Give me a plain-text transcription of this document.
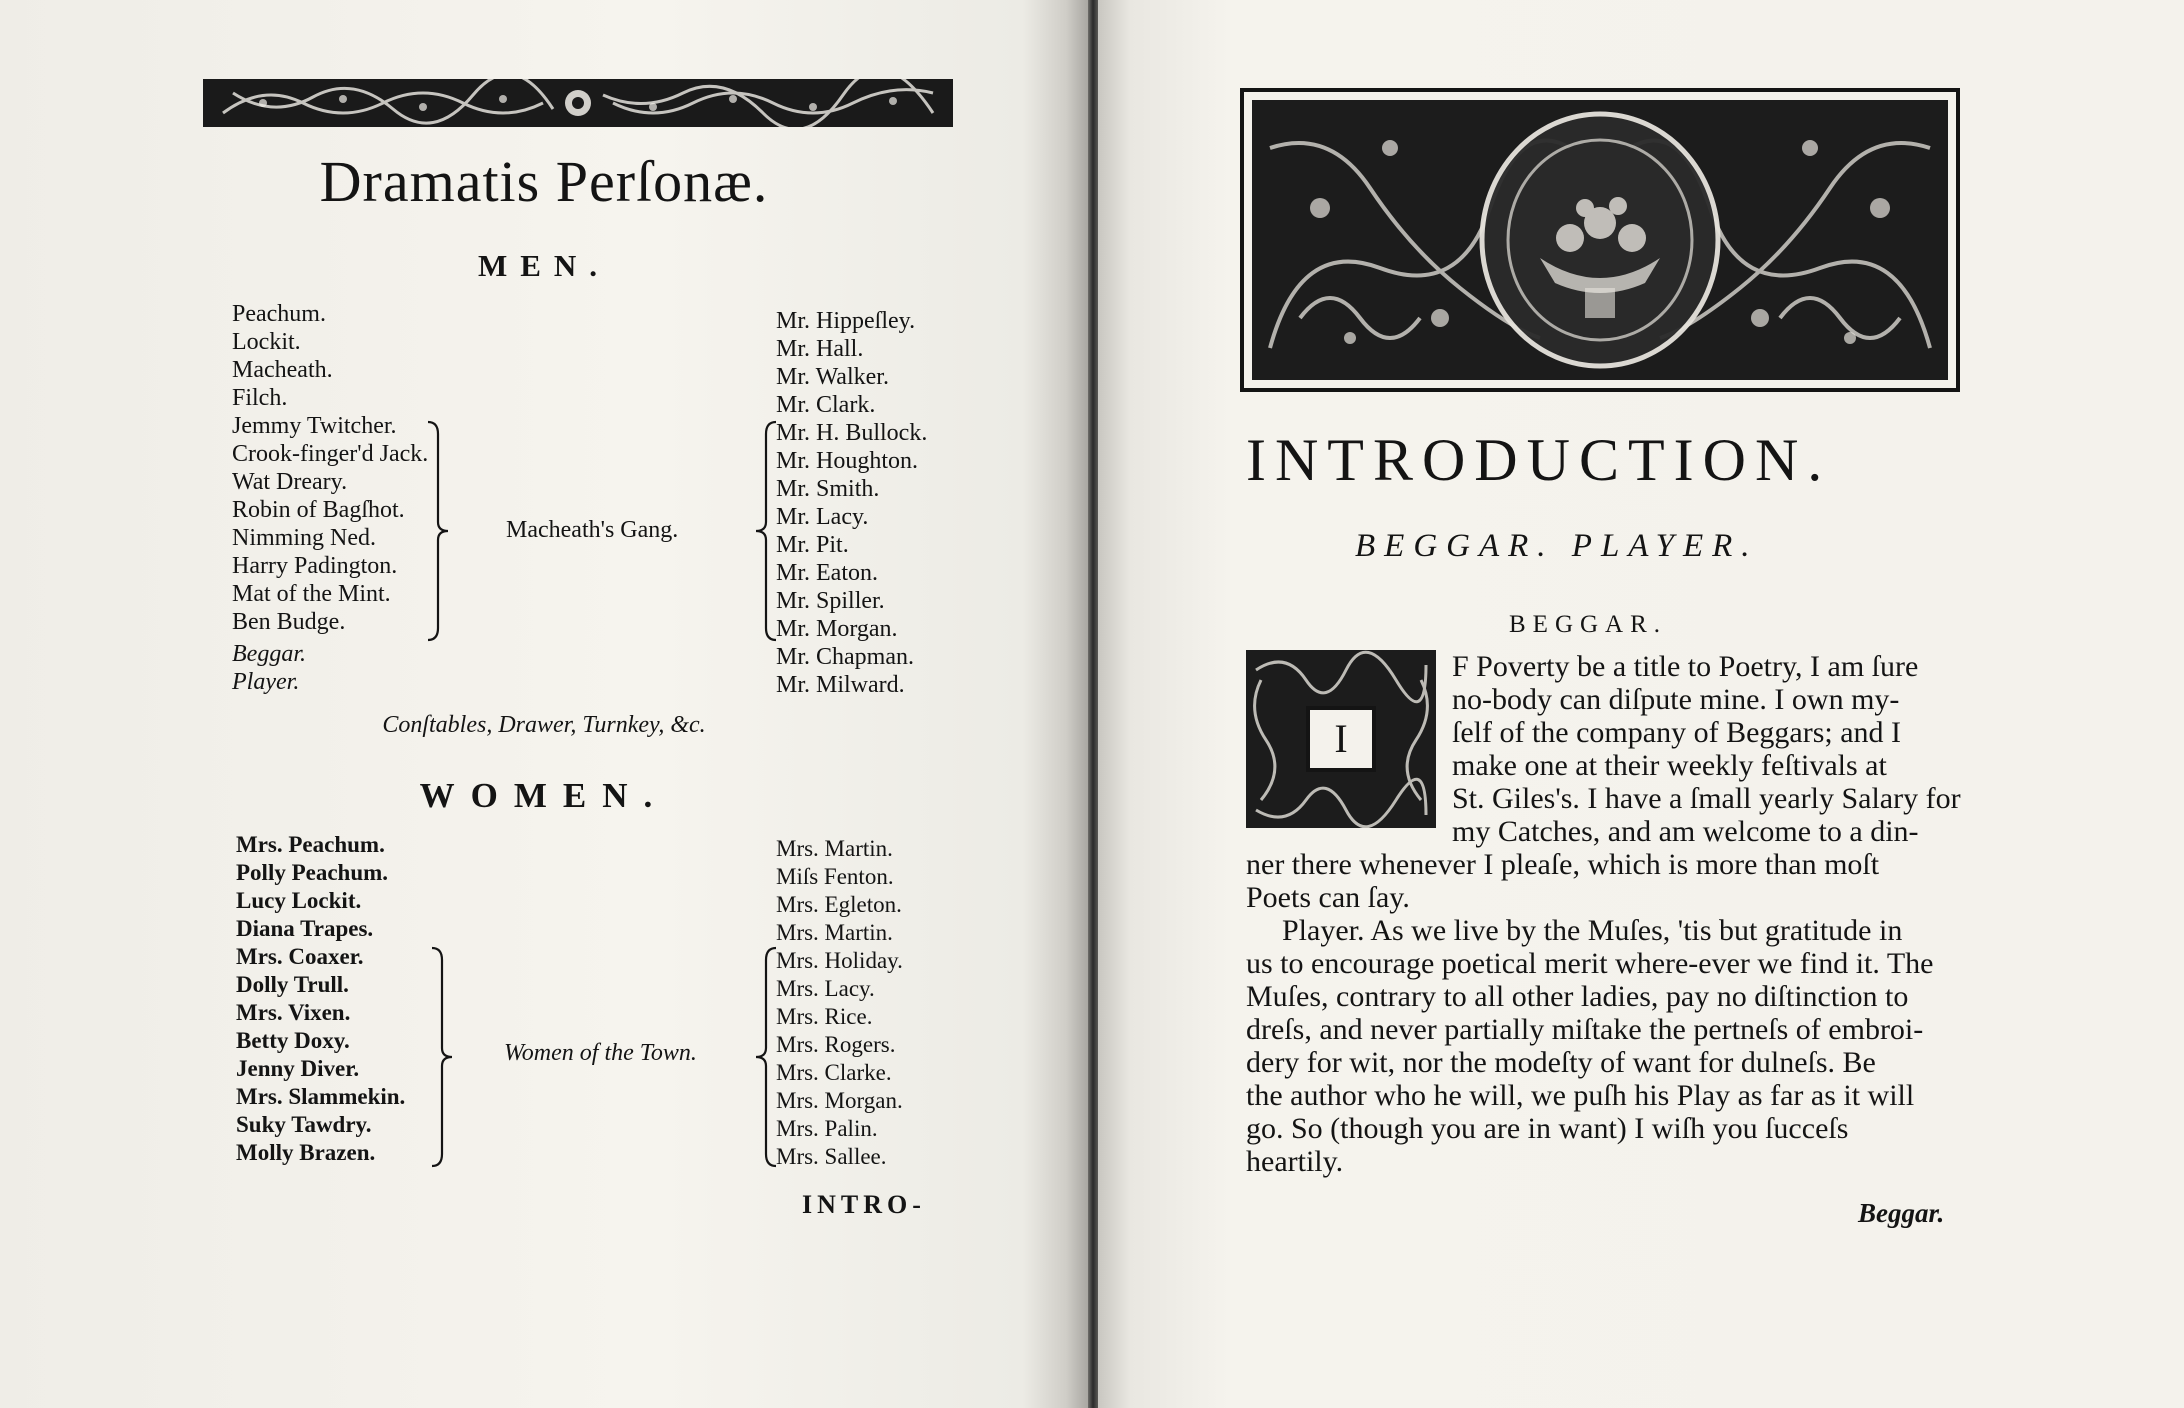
Dramatis Perſonæ.
MEN.
Peachum.
Lockit.
Macheath.
Filch.
Jemmy Twitcher.
Crook-finger'd Jack.
Wat Dreary.
Robin of Bagſhot.
Nimming Ned.
Harry Padington.
Mat of the Mint.
Ben Budge.
Beggar.
Player.
Mr. Hippeſley.
Mr. Hall.
Mr. Walker.
Mr. Clark.
Mr. H. Bullock.
Mr. Houghton.
Mr. Smith.
Mr. Lacy.
Mr. Pit.
Mr. Eaton.
Mr. Spiller.
Mr. Morgan.
Mr. Chapman.
Mr. Milward.
Macheath's Gang.
Conſtables, Drawer, Turnkey, &c.
WOMEN.
Mrs. Peachum.
Polly Peachum.
Lucy Lockit.
Diana Trapes.
Mrs. Coaxer.
Dolly Trull.
Mrs. Vixen.
Betty Doxy.
Jenny Diver.
Mrs. Slammekin.
Suky Tawdry.
Molly Brazen.
Mrs. Martin.
Miſs Fenton.
Mrs. Egleton.
Mrs. Martin.
Mrs. Holiday.
Mrs. Lacy.
Mrs. Rice.
Mrs. Rogers.
Mrs. Clarke.
Mrs. Morgan.
Mrs. Palin.
Mrs. Sallee.
Women of the Town.
INTRO-
INTRODUCTION.
BEGGAR. PLAYER.
BEGGAR.
I
F Poverty be a title to Poetry, I am ſure
no-body can diſpute mine. I own my-
ſelf of the company of Beggars; and I
make one at their weekly feſtivals at
St. Giles's. I have a ſmall yearly Salary for
my Catches, and am welcome to a din-
ner there whenever I pleaſe, which is more than moſt
Poets can ſay.
Player. As we live by the Muſes, 'tis but gratitude in
us to encourage poetical merit where-ever we find it. The
Muſes, contrary to all other ladies, pay no diſtinction to
dreſs, and never partially miſtake the pertneſs of embroi-
dery for wit, nor the modeſty of want for dulneſs. Be
the author who he will, we puſh his Play as far as it will
go. So (though you are in want) I wiſh you ſucceſs
heartily.
Beggar.
